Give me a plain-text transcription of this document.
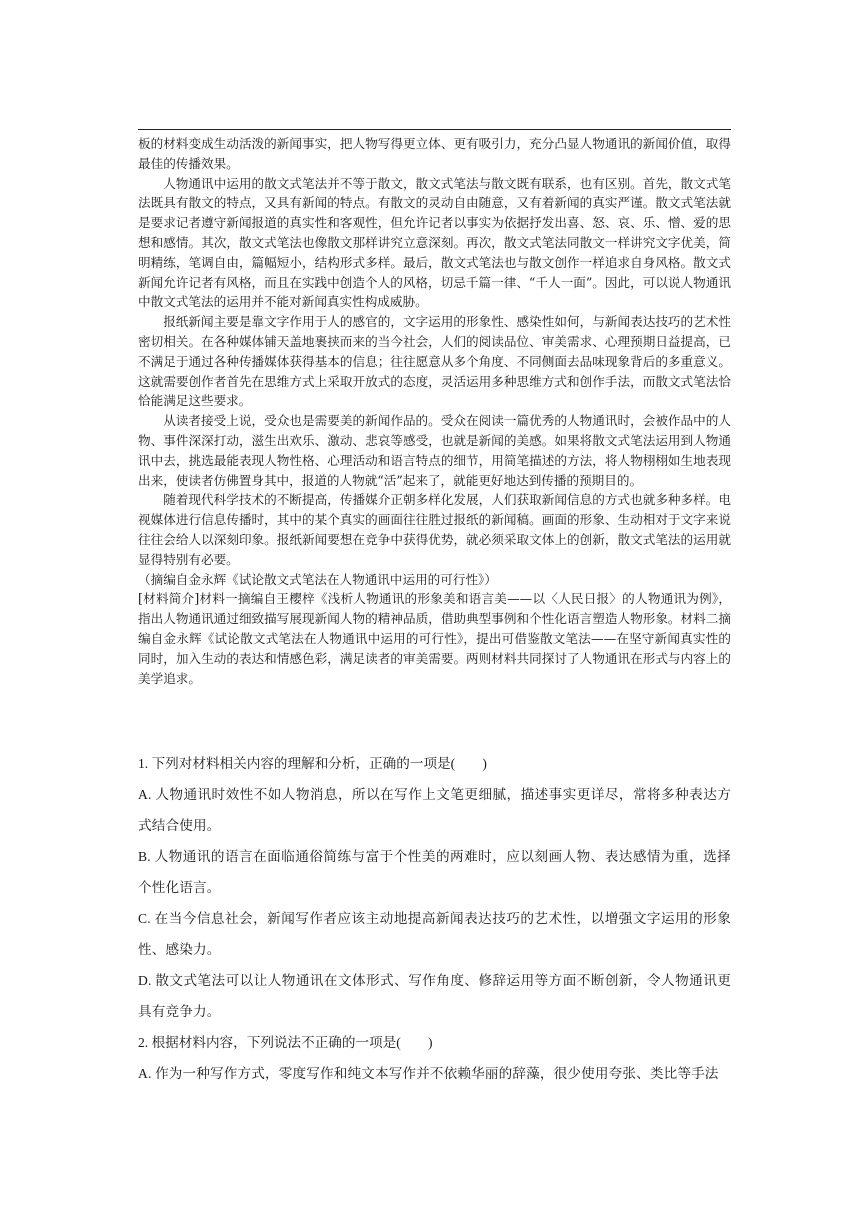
板的材料变成生动活泼的新闻事实，把人物写得更立体、更有吸引力，充分凸显人物通讯的新闻价值，取得最佳的传播效果。

人物通讯中运用的散文式笔法并不等于散文，散文式笔法与散文既有联系，也有区别。首先，散文式笔法既具有散文的特点，又具有新闻的特点。有散文的灵动自由随意，又有着新闻的真实严谨。散文式笔法就是要求记者遵守新闻报道的真实性和客观性，但允许记者以事实为依据抒发出喜、怒、哀、乐、憎、爱的思想和感情。其次，散文式笔法也像散文那样讲究立意深刻。再次，散文式笔法同散文一样讲究文字优美，简明精练，笔调自由，篇幅短小，结构形式多样。最后，散文式笔法也与散文创作一样追求自身风格。散文式新闻允许记者有风格，而且在实践中创造个人的风格，切忌千篇一律、“千人一面”。因此，可以说人物通讯中散文式笔法的运用并不能对新闻真实性构成威胁。

报纸新闻主要是靠文字作用于人的感官的，文字运用的形象性、感染性如何，与新闻表达技巧的艺术性密切相关。在各种媒体铺天盖地裹挟而来的当今社会，人们的阅读品位、审美需求、心理预期日益提高，已不满足于通过各种传播媒体获得基本的信息；往往愿意从多个角度、不同侧面去品味现象背后的多重意义。这就需要创作者首先在思维方式上采取开放式的态度，灵活运用多种思维方式和创作手法，而散文式笔法恰恰能满足这些要求。

从读者接受上说，受众也是需要美的新闻作品的。受众在阅读一篇优秀的人物通讯时，会被作品中的人物、事件深深打动，滋生出欢乐、激动、悲哀等感受，也就是新闻的美感。如果将散文式笔法运用到人物通讯中去，挑选最能表现人物性格、心理活动和语言特点的细节，用简笔描述的方法，将人物栩栩如生地表现出来，使读者仿佛置身其中，报道的人物就“活”起来了，就能更好地达到传播的预期目的。

随着现代科学技术的不断提高，传播媒介正朝多样化发展，人们获取新闻信息的方式也就多种多样。电视媒体进行信息传播时，其中的某个真实的画面往往胜过报纸的新闻稿。画面的形象、生动相对于文字来说往往会给人以深刻印象。报纸新闻要想在竞争中获得优势，就必须采取文体上的创新，散文式笔法的运用就显得特别有必要。

（摘编自金永辉《试论散文式笔法在人物通讯中运用的可行性》）

[材料简介]材料一摘编自王樱梓《浅析人物通讯的形象美和语言美——以〈人民日报〉的人物通讯为例》，指出人物通讯通过细致描写展现新闻人物的精神品质，借助典型事例和个性化语言塑造人物形象。材料二摘编自金永辉《试论散文式笔法在人物通讯中运用的可行性》，提出可借鉴散文笔法——在坚守新闻真实性的同时，加入生动的表达和情感色彩，满足读者的审美需要。两则材料共同探讨了人物通讯在形式与内容上的美学追求。

1. 下列对材料相关内容的理解和分析，正确的一项是(　　)

A. 人物通讯时效性不如人物消息，所以在写作上文笔更细腻，描述事实更详尽，常将多种表达方式结合使用。

B. 人物通讯的语言在面临通俗简练与富于个性美的两难时，应以刻画人物、表达感情为重，选择个性化语言。

C. 在当今信息社会，新闻写作者应该主动地提高新闻表达技巧的艺术性，以增强文字运用的形象性、感染力。

D. 散文式笔法可以让人物通讯在文体形式、写作角度、修辞运用等方面不断创新，令人物通讯更具有竞争力。

2. 根据材料内容，下列说法不正确的一项是(　　)

A. 作为一种写作方式，零度写作和纯文本写作并不依赖华丽的辞藻，很少使用夸张、类比等手法
